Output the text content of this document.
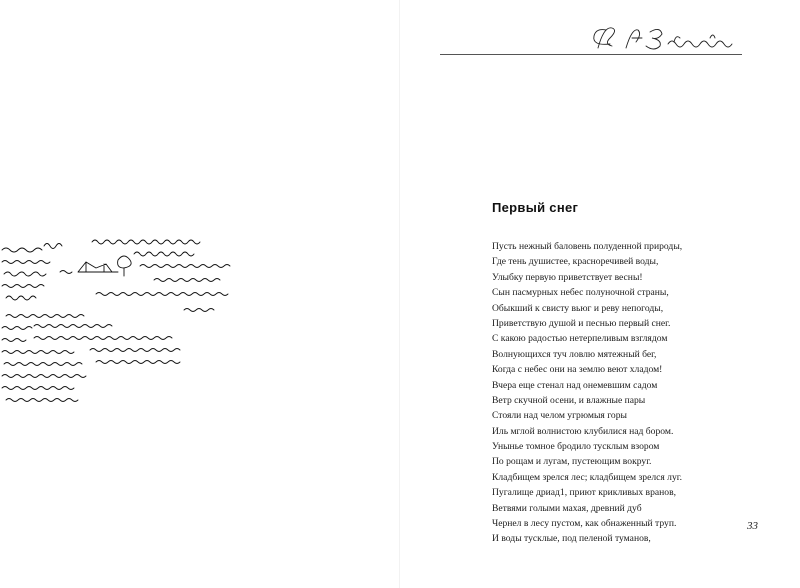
Первый снег
Пусть нежный баловень полуденной природы,
Где тень душистее, красноречивей воды,
Улыбку первую приветствует весны!
Сын пасмурных небес полуночной страны,
Обыкший к свисту вьюг и реву непогоды,
Приветствую душой и песнью первый снег.
С какою радостью нетерпеливым взглядом
Волнующихся туч ловлю мятежный бег,
Когда с небес они на землю веют хладом!
Вчера еще стенал над онемевшим садом
Ветр скучной осени, и влажные пары
Стояли над челом угрюмыя горы
Иль мглой волнистою клубилися над бором.
Унынье томное бродило тусклым взором
По рощам и лугам, пустеющим вокруг.
Кладбищем зрелся лес; кладбищем зрелся луг.
Пугалище дриад1, приют крикливых вранов,
Ветвями голыми махая, древний дуб
Чернел в лесу пустом, как обнаженный труп.
И воды тусклые, под пеленой туманов,
33
